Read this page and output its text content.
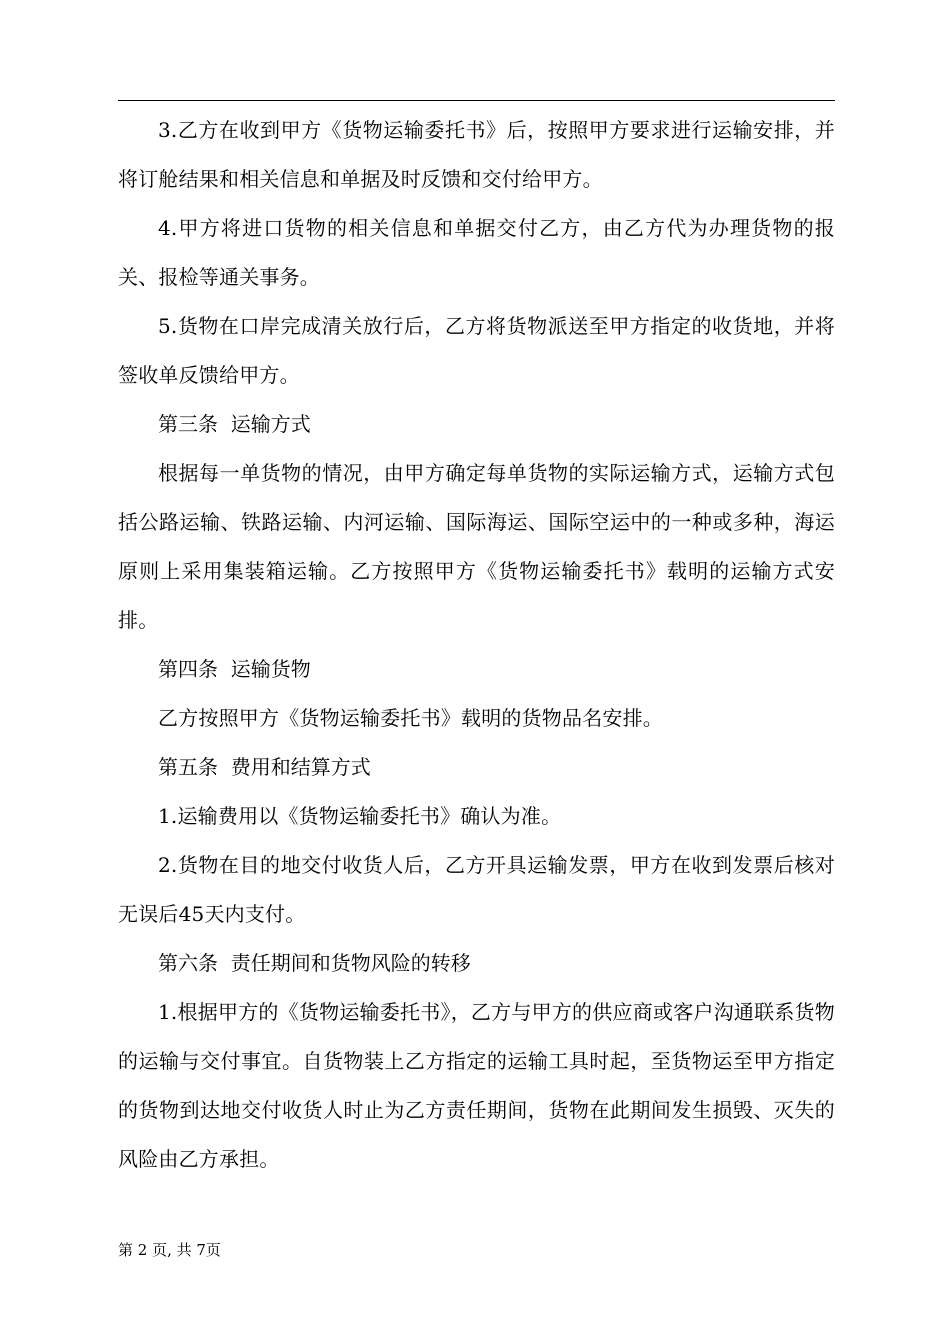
3.乙方在收到甲方《货物运输委托书》后，按照甲方要求进行运输安排，并将订舱结果和相关信息和单据及时反馈和交付给甲方。

4.甲方将进口货物的相关信息和单据交付乙方，由乙方代为办理货物的报关、报检等通关事务。

5.货物在口岸完成清关放行后，乙方将货物派送至甲方指定的收货地，并将签收单反馈给甲方。

第三条  运输方式

根据每一单货物的情况，由甲方确定每单货物的实际运输方式，运输方式包括公路运输、铁路运输、内河运输、国际海运、国际空运中的一种或多种，海运原则上采用集装箱运输。乙方按照甲方《货物运输委托书》载明的运输方式安排。

第四条  运输货物

乙方按照甲方《货物运输委托书》载明的货物品名安排。

第五条  费用和结算方式

1.运输费用以《货物运输委托书》确认为准。

2.货物在目的地交付收货人后，乙方开具运输发票，甲方在收到发票后核对无误后45天内支付。

第六条  责任期间和货物风险的转移

1.根据甲方的《货物运输委托书》，乙方与甲方的供应商或客户沟通联系货物的运输与交付事宜。自货物装上乙方指定的运输工具时起，至货物运至甲方指定的货物到达地交付收货人时止为乙方责任期间，货物在此期间发生损毁、灭失的风险由乙方承担。

第 2 页, 共 7页
